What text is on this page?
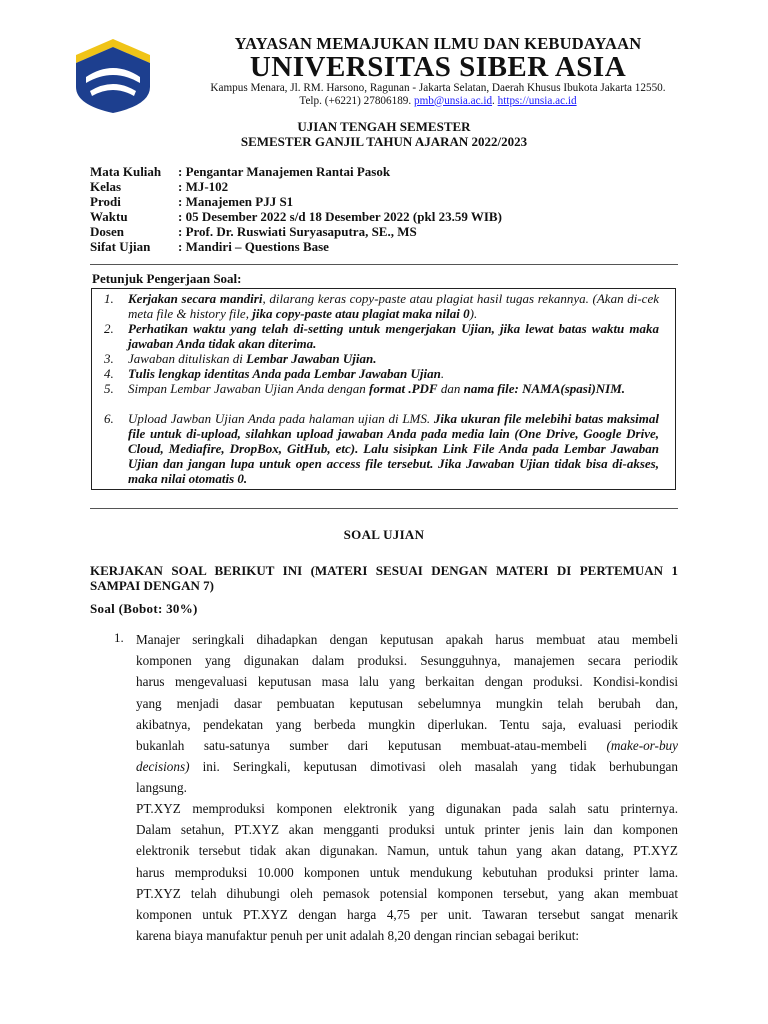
YAYASAN MEMAJUKAN ILMU DAN KEBUDAYAAN
UNIVERSITAS SIBER ASIA
Kampus Menara, Jl. RM. Harsono, Ragunan - Jakarta Selatan, Daerah Khusus Ibukota Jakarta 12550.
Telp. (+6221) 27806189. pmb@unsia.ac.id. https://unsia.ac.id
UJIAN TENGAH SEMESTER
SEMESTER GANJIL TAHUN AJARAN 2022/2023
Mata Kuliah : Pengantar Manajemen Rantai Pasok
Kelas	: MJ-102
Prodi	: Manajemen PJJ S1
Waktu	: 05 Desember 2022 s/d 18 Desember 2022 (pkl 23.59 WIB)
Dosen	: Prof. Dr. Ruswiati Suryasaputra, SE., MS
Sifat Ujian : Mandiri – Questions Base
Petunjuk Pengerjaan Soal:
1.	Kerjakan secara mandiri, dilarang keras copy-paste atau plagiat hasil tugas rekannya. (Akan di-cek meta file & history file, jika copy-paste atau plagiat maka nilai 0).
2.	Perhatikan waktu yang telah di-setting untuk mengerjakan Ujian, jika lewat batas waktu maka jawaban Anda tidak akan diterima.
3.	Jawaban dituliskan di Lembar Jawaban Ujian.
4.	Tulis lengkap identitas Anda pada Lembar Jawaban Ujian.
5.	Simpan Lembar Jawaban Ujian Anda dengan format .PDF dan nama file: NAMA(spasi)NIM.
6.	Upload Jawban Ujian Anda pada halaman ujian di LMS. Jika ukuran file melebihi batas maksimal file untuk di-upload, silahkan upload jawaban Anda pada media lain (One Drive, Google Drive, Cloud, Mediafire, DropBox, GitHub, etc). Lalu sisipkan Link File Anda pada Lembar Jawaban Ujian dan jangan lupa untuk open access file tersebut. Jika Jawaban Ujian tidak bisa di-akses, maka nilai otomatis 0.
SOAL UJIAN
KERJAKAN SOAL BERIKUT INI (MATERI SESUAI DENGAN MATERI DI PERTEMUAN 1 SAMPAI DENGAN 7)
Soal (Bobot: 30%)
1. Manajer seringkali dihadapkan dengan keputusan apakah harus membuat atau membeli
komponen yang digunakan dalam produksi. Sesungguhnya, manajemen secara periodik
harus mengevaluasi keputusan masa lalu yang berkaitan dengan produksi. Kondisi-kondisi
yang menjadi dasar pembuatan keputusan sebelumnya mungkin telah berubah dan,
akibatnya, pendekatan yang berbeda mungkin diperlukan. Tentu saja, evaluasi periodik
bukanlah satu-satunya sumber dari keputusan membuat-atau-membeli (make-or-buy
decisions) ini. Seringkali, keputusan dimotivasi oleh masalah yang tidak berhubungan
langsung.
PT.XYZ memproduksi komponen elektronik yang digunakan pada salah satu printernya.
Dalam setahun, PT.XYZ akan mengganti produksi untuk printer jenis lain dan komponen
elektronik tersebut tidak akan digunakan. Namun, untuk tahun yang akan datang, PT.XYZ
harus memproduksi 10.000 komponen untuk mendukung kebutuhan produksi printer lama.
PT.XYZ telah dihubungi oleh pemasok potensial komponen tersebut, yang akan membuat
komponen untuk PT.XYZ dengan harga 4,75 per unit. Tawaran tersebut sangat menarik
karena biaya manufaktur penuh per unit adalah 8,20 dengan rincian sebagai berikut:
